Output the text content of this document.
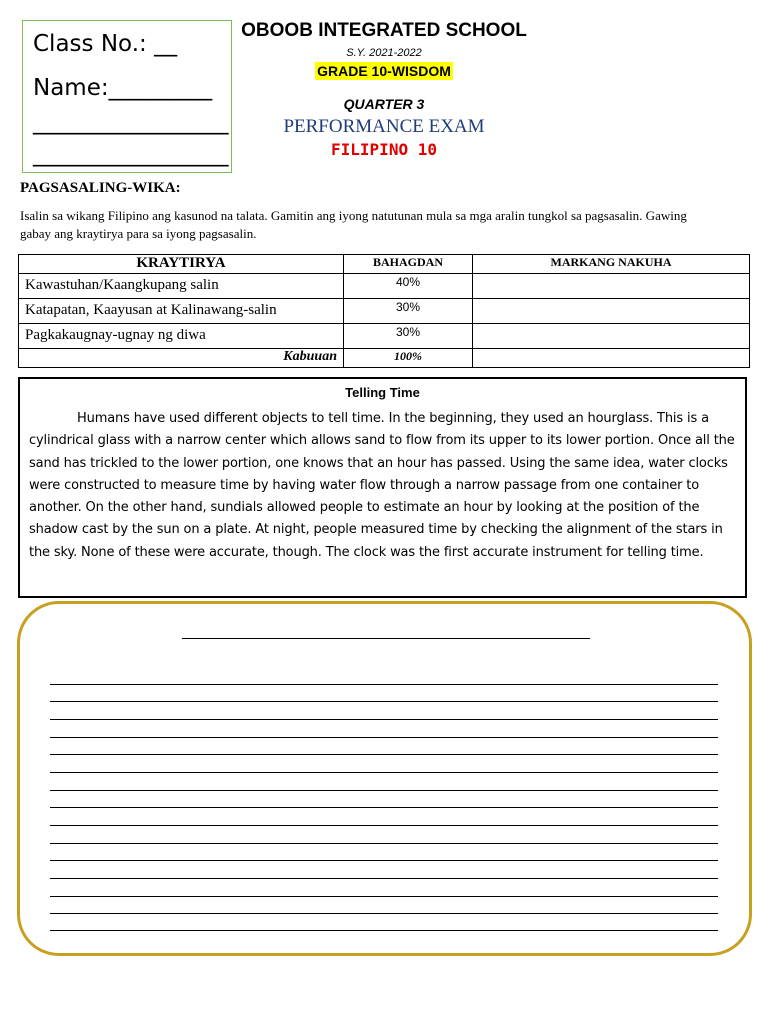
Class No.: __
Name:_________
_________________
_________________
OBOOB INTEGRATED SCHOOL
S.Y. 2021-2022
GRADE 10-WISDOM
QUARTER 3
PERFORMANCE EXAM
FILIPINO 10
PAGSASALING-WIKA:
Isalin sa wikang Filipino ang kasunod na talata. Gamitin ang iyong natutunan mula sa mga aralin tungkol sa pagsasalin. Gawing gabay ang kraytirya para sa iyong pagsasalin.
KRAYTIRYA	BAHAGDAN	MARKANG NAKUHA
Kawastuhan/Kaangkupang salin	40%	
Katapatan, Kaayusan at Kalinawang-salin	30%	
Pagkakaugnay-ugnay ng diwa	30%	
Kabuuan	100%	
Telling Time

Humans have used different objects to tell time. In the beginning, they used an hourglass. This is a cylindrical glass with a narrow center which allows sand to flow from its upper to its lower portion. Once all the sand has trickled to the lower portion, one knows that an hour has passed. Using the same idea, water clocks were constructed to measure time by having water flow through a narrow passage from one container to another. On the other hand, sundials allowed people to estimate an hour by looking at the position of the shadow cast by the sun on a plate. At night, people measured time by checking the alignment of the stars in the sky. None of these were accurate, though. The clock was the first accurate instrument for telling time.
